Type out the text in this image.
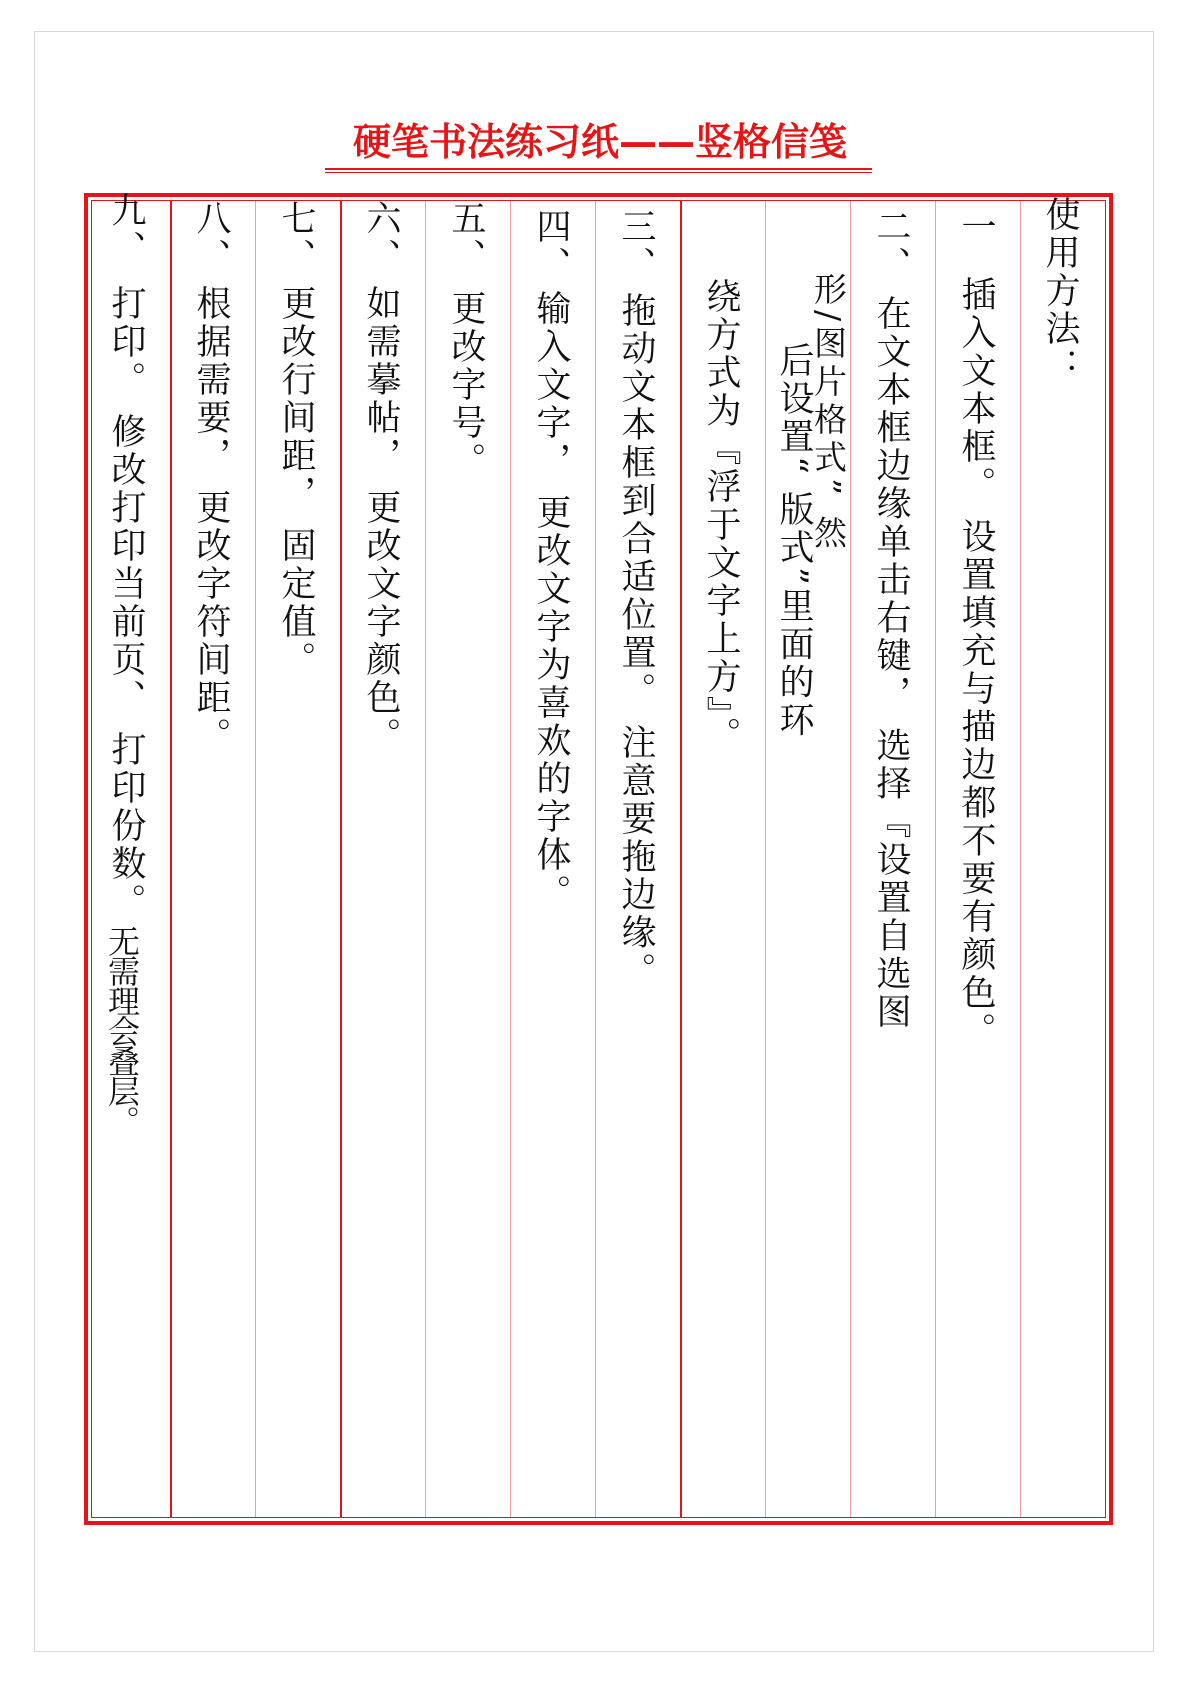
硬笔书法练习纸——竖格信笺
使用方法：
一
插入文本框。 设置填充与描边都不要有颜色。
二、
在文本框边缘单击右键， 选择『设置自选图
形/图片格式” 然
后设置“ 版式”里面的环
绕方式为『浮于文字上方』。
三、
拖动文本框到合适位置。 注意要拖边缘。
四、
输入文字， 更改文字为喜欢的字体。
五、
更改字号。
六、
如需摹帖， 更改文字颜色。
七、
更改行间距， 固定值。
八、
根据需要， 更改字符间距。
九、
打印。 修改打印当前页、 打印份数。
无需理会叠层。
